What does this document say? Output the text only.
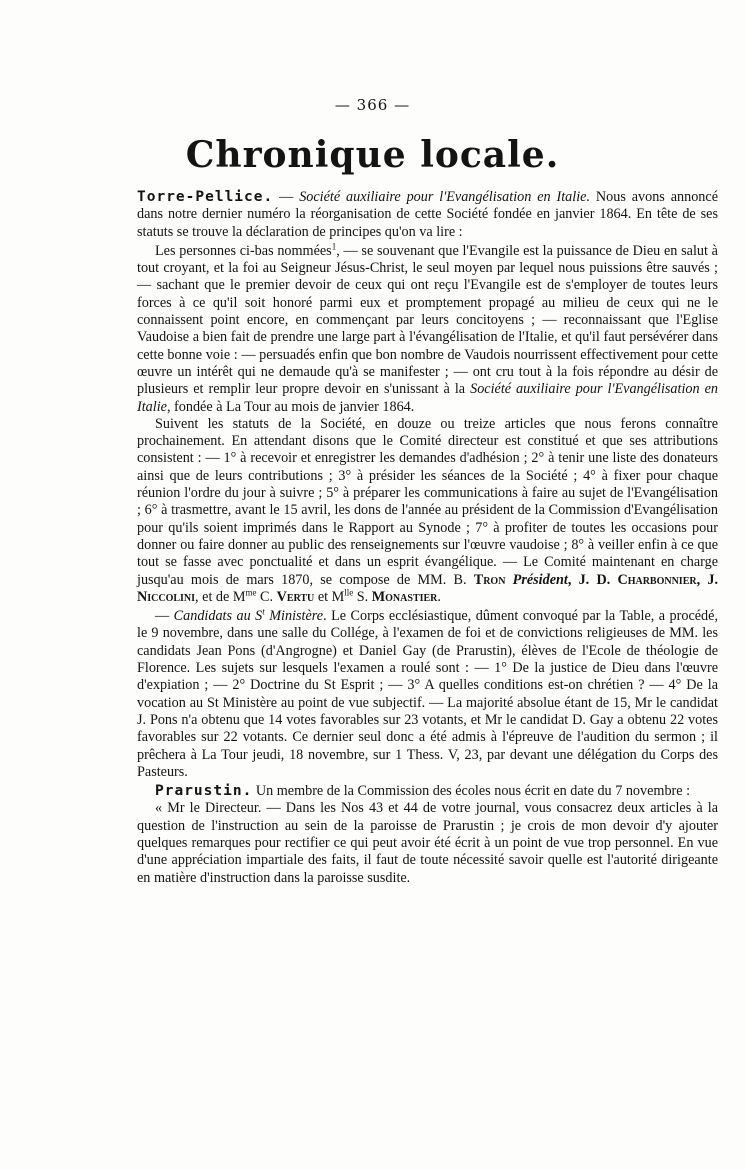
— 366 —
Chronique locale.

Torre-Pellice. — Société auxiliaire pour l'Evangélisation en Italie. Nous avons annoncé dans notre dernier numéro la réorganisation de cette Société fondée en janvier 1864. En tête de ses statuts se trouve la déclaration de principes qu'on va lire :

Les personnes ci-bas nommées$^1$, — se souvenant que l'Evangile est la puissance de Dieu en salut à tout croyant, et la foi au Seigneur Jésus-Christ, le seul moyen par lequel nous puissions être sauvés ; — sachant que le premier devoir de ceux qui ont reçu l'Evangile est de s'employer de toutes leurs forces à ce qu'il soit honoré parmi eux et promptement propagé au milieu de ceux qui ne le connaissent point encore, en commençant par leurs concitoyens ; — reconnaissant que l'Eglise Vaudoise a bien fait de prendre une large part à l'évangélisation de l'Italie, et qu'il faut persévérer dans cette bonne voie : — persuadés enfin que bon nombre de Vaudois nourrissent effectivement pour cette œuvre un intérêt qui ne demaude qu'à se manifester ; — ont cru tout à la fois répondre au désir de plusieurs et remplir leur propre devoir en s'unissant à la Société auxiliaire pour l'Evangélisation en Italie, fondée à La Tour au mois de janvier 1864.

Suivent les statuts de la Société, en douze ou treize articles que nous ferons connaître prochainement. En attendant disons que le Comité directeur est constitué et que ses attributions consistent : — 1° à recevoir et enregistrer les demandes d'adhésion ; 2° à tenir une liste des donateurs ainsi que de leurs contributions ; 3° à présider les séances de la Société ; 4° à fixer pour chaque réunion l'ordre du jour à suivre ; 5° à préparer les communications à faire au sujet de l'Evangélisation ; 6° à trasmettre, avant le 15 avril, les dons de l'année au président de la Commission d'Evangélisation pour qu'ils soient imprimés dans le Rapport au Synode ; 7° à profiter de toutes les occasions pour donner ou faire donner au public des renseignements sur l'œuvre vaudoise ; 8° à veiller enfin à ce que tout se fasse avec ponctualité et dans un esprit évangélique. — Le Comité maintenant en charge jusqu'au mois de mars 1870, se compose de MM. B. Tron Président, J. D. Charbonnier, J. Niccolini, et de $M^{me}$ C. Vertu et $M^{lle}$ S. Monastier.

— Candidats au $S^t$ Ministère. Le Corps ecclésiastique, dûment convoqué par la Table, a procédé, le 9 novembre, dans une salle du Collége, à l'examen de foi et de convictions religieuses de MM. les candidats Jean Pons (d'Angrogne) et Daniel Gay (de Prarustin), élèves de l'Ecole de théologie de Florence. Les sujets sur lesquels l'examen a roulé sont : — 1° De la justice de Dieu dans l'œuvre d'expiation ; — 2° Doctrine du St Esprit ; — 3° A quelles conditions est-on chrétien ? — 4° De la vocation au St Ministère au point de vue subjectif. — La majorité absolue étant de 15, Mr le candidat J. Pons n'a obtenu que 14 votes favorables sur 23 votants, et Mr le candidat D. Gay a obtenu 22 votes favorables sur 22 votants. Ce dernier seul donc a été admis à l'épreuve de l'audition du sermon ; il prêchera à La Tour jeudi, 18 novembre, sur 1 Thess. V, 23, par devant une délégation du Corps des Pasteurs.

Prarustin. Un membre de la Commission des écoles nous écrit en date du 7 novembre :

« Mr le Directeur. — Dans les Nos 43 et 44 de votre journal, vous consacrez deux articles à la question de l'instruction au sein de la paroisse de Prarustin ; je crois de mon devoir d'y ajouter quelques remarques pour rectifier ce qui peut avoir été écrit à un point de vue trop personnel. En vue d'une appréciation impartiale des faits, il faut de toute nécessité savoir quelle est l'autorité dirigeante en matière d'instruction dans la paroisse susdite.
